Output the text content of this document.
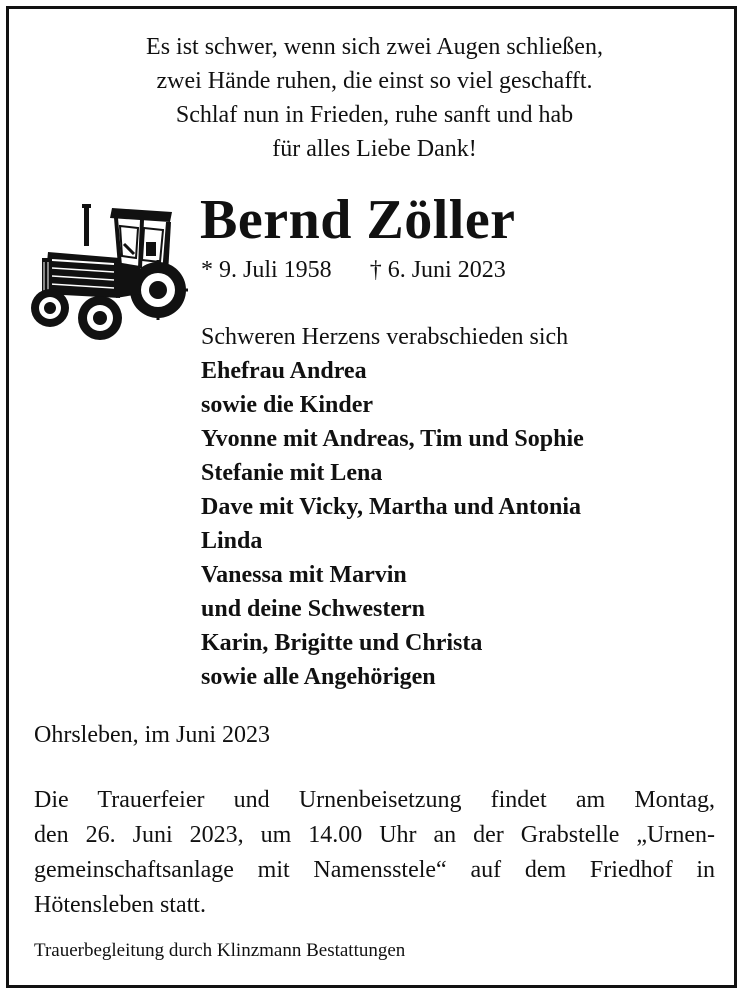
Es ist schwer, wenn sich zwei Augen schließen,
zwei Hände ruhen, die einst so viel geschafft.
Schlaf nun in Frieden, ruhe sanft und hab
für alles Liebe Dank!
Bernd Zöller
* 9. Juli 1958 † 6. Juni 2023
Schweren Herzens verabschieden sich
Ehefrau Andrea
sowie die Kinder
Yvonne mit Andreas, Tim und Sophie
Stefanie mit Lena
Dave mit Vicky, Martha und Antonia
Linda
Vanessa mit Marvin
und deine Schwestern
Karin, Brigitte und Christa
sowie alle Angehörigen
Ohrsleben, im Juni 2023
Die Trauerfeier und Urnenbeisetzung findet am Montag,
den 26. Juni 2023, um 14.00 Uhr an der Grabstelle „Urnen-
gemeinschaftsanlage mit Namensstele“ auf dem Friedhof in
Hötensleben statt.
Trauerbegleitung durch Klinzmann Bestattungen
